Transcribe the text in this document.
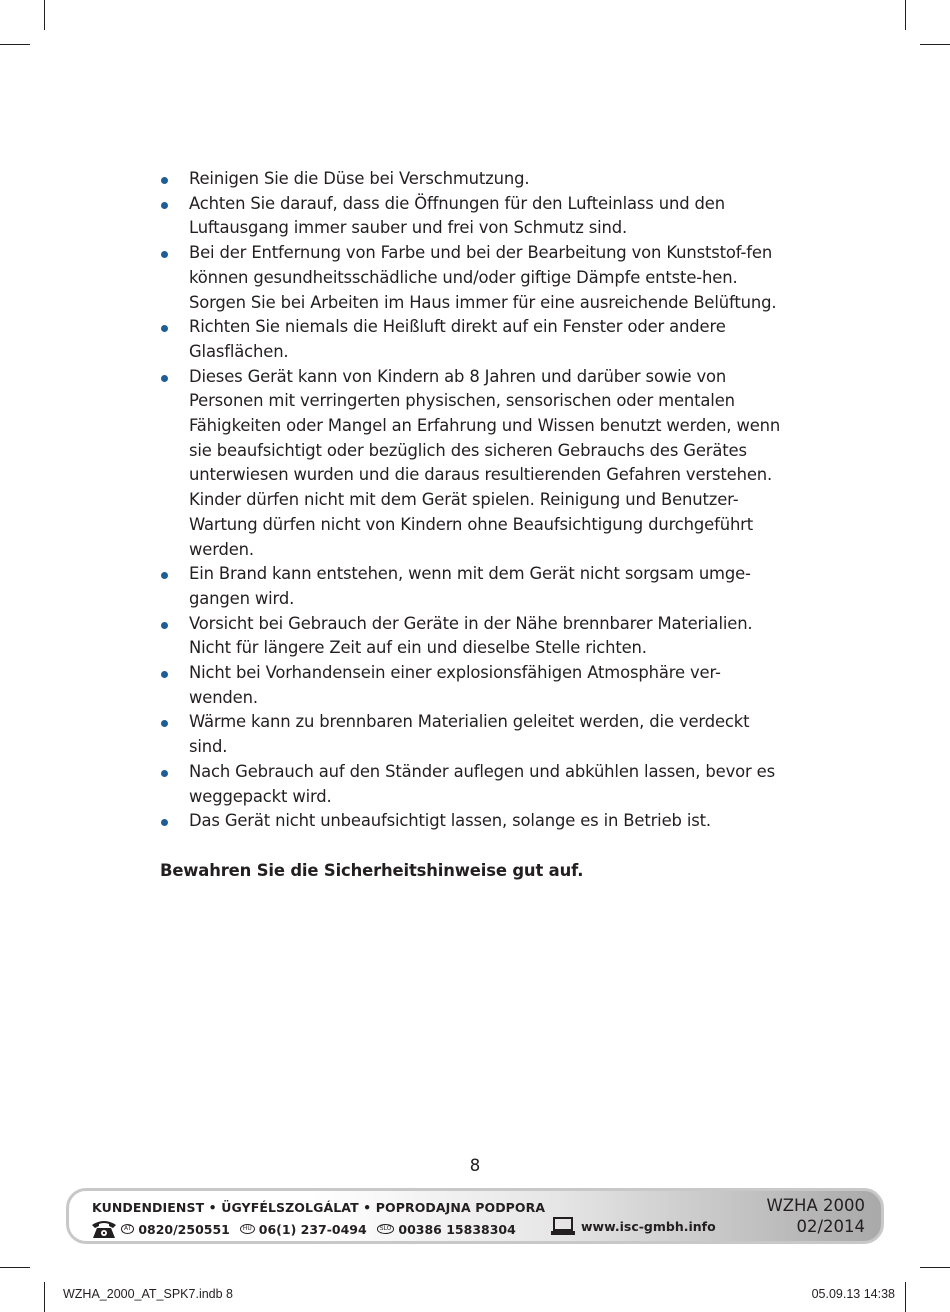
Reinigen Sie die Düse bei Verschmutzung.
Achten Sie darauf, dass die Öffnungen für den Lufteinlass und den Luftausgang immer sauber und frei von Schmutz sind.
Bei der Entfernung von Farbe und bei der Bearbeitung von Kunststof-fen können gesundheitsschädliche und/oder giftige Dämpfe entste-hen. Sorgen Sie bei Arbeiten im Haus immer für eine ausreichende Belüftung.
Richten Sie niemals die Heißluft direkt auf ein Fenster oder andere Glasflächen.
Dieses Gerät kann von Kindern ab 8 Jahren und darüber sowie von Personen mit verringerten physischen, sensorischen oder mentalen Fähigkeiten oder Mangel an Erfahrung und Wissen benutzt werden, wenn sie beaufsichtigt oder bezüglich des sicheren Gebrauchs des Gerätes unterwiesen wurden und die daraus resultierenden Gefahren verstehen. Kinder dürfen nicht mit dem Gerät spielen. Reinigung und Benutzer-Wartung dürfen nicht von Kindern ohne Beaufsichtigung durchgeführt werden.
Ein Brand kann entstehen, wenn mit dem Gerät nicht sorgsam umge-gangen wird.
Vorsicht bei Gebrauch der Geräte in der Nähe brennbarer Materialien. Nicht für längere Zeit auf ein und dieselbe Stelle richten.
Nicht bei Vorhandensein einer explosionsfähigen Atmosphäre ver-wenden.
Wärme kann zu brennbaren Materialien geleitet werden, die verdeckt sind.
Nach Gebrauch auf den Ständer auflegen und abkühlen lassen, bevor es weggepackt wird.
Das Gerät nicht unbeaufsichtigt lassen, solange es in Betrieb ist.
Bewahren Sie die Sicherheitshinweise gut auf.
8
KUNDENDIENST • ÜGYFÉLSZOLGÁLAT • POPRODAJNA PODPORA
AT 0820/250551	HU 06(1) 237-0494	SLO 00386 15838304	www.isc-gmbh.info
WZHA 2000
02/2014
WZHA_2000_AT_SPK7.indb 8	05.09.13 14:38
